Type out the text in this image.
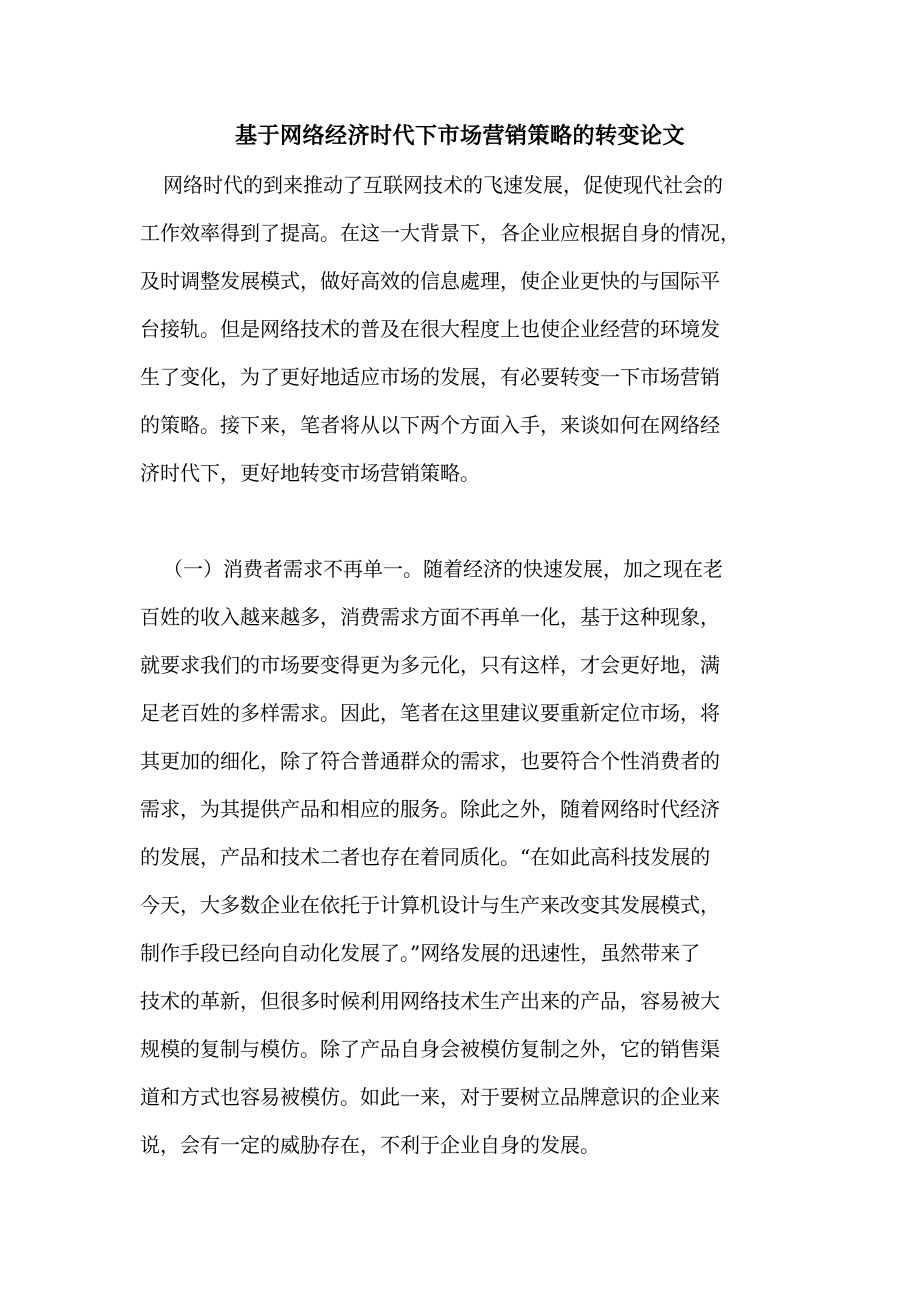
基于网络经济时代下市场营销策略的转变论文
网络时代的到来推动了互联网技术的飞速发展，促使现代社会的
工作效率得到了提高。在这一大背景下，各企业应根据自身的情况，
及时调整发展模式，做好高效的信息處理，使企业更快的与国际平
台接轨。但是网络技术的普及在很大程度上也使企业经营的环境发
生了变化，为了更好地适应市场的发展，有必要转变一下市场营销
的策略。接下来，笔者将从以下两个方面入手，来谈如何在网络经
济时代下，更好地转变市场营销策略。
（一）消费者需求不再单一。随着经济的快速发展，加之现在老
百姓的收入越来越多，消费需求方面不再单一化，基于这种现象，
就要求我们的市场要变得更为多元化，只有这样，才会更好地，满
足老百姓的多样需求。因此，笔者在这里建议要重新定位市场，将
其更加的细化，除了符合普通群众的需求，也要符合个性消费者的
需求，为其提供产品和相应的服务。除此之外，随着网络时代经济
的发展，产品和技术二者也存在着同质化。“在如此高科技发展的
今天，大多数企业在依托于计算机设计与生产来改变其发展模式，
制作手段已经向自动化发展了。”网络发展的迅速性，虽然带来了
技术的革新，但很多时候利用网络技术生产出来的产品，容易被大
规模的复制与模仿。除了产品自身会被模仿复制之外，它的销售渠
道和方式也容易被模仿。如此一来，对于要树立品牌意识的企业来
说，会有一定的威胁存在，不利于企业自身的发展。
